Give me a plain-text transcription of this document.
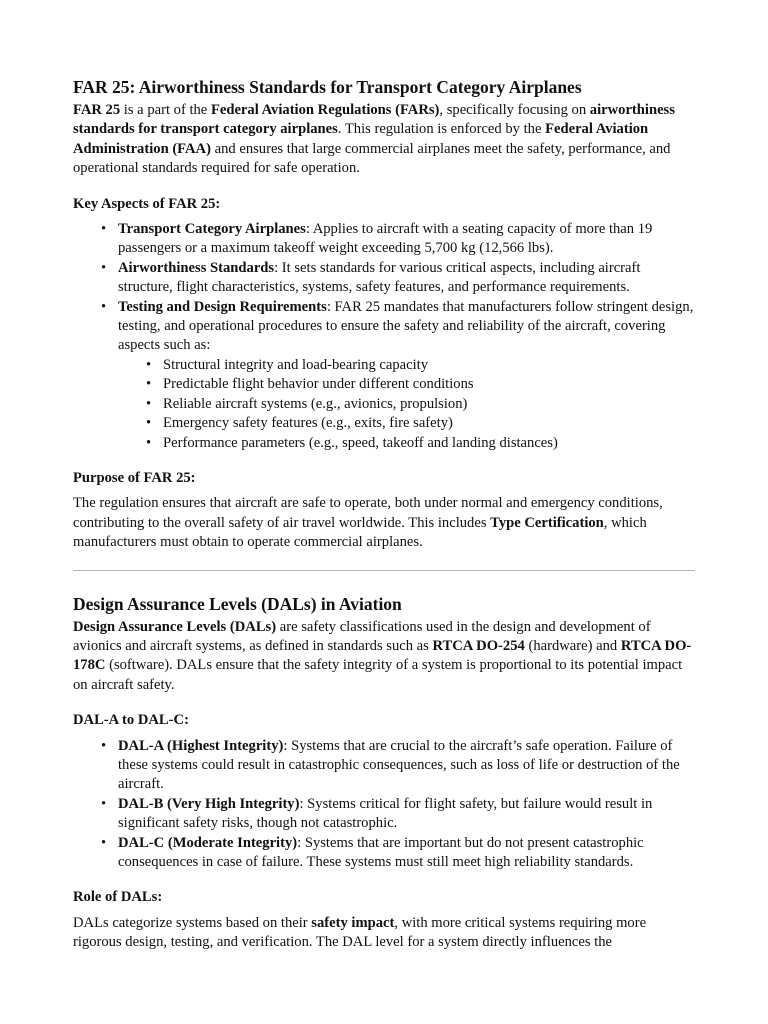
FAR 25: Airworthiness Standards for Transport Category Airplanes

FAR 25 is a part of the Federal Aviation Regulations (FARs), specifically focusing on airworthiness standards for transport category airplanes. This regulation is enforced by the Federal Aviation Administration (FAA) and ensures that large commercial airplanes meet the safety, performance, and operational standards required for safe operation.

Key Aspects of FAR 25:

• Transport Category Airplanes: Applies to aircraft with a seating capacity of more than 19 passengers or a maximum takeoff weight exceeding 5,700 kg (12,566 lbs).
• Airworthiness Standards: It sets standards for various critical aspects, including aircraft structure, flight characteristics, systems, safety features, and performance requirements.
• Testing and Design Requirements: FAR 25 mandates that manufacturers follow stringent design, testing, and operational procedures to ensure the safety and reliability of the aircraft, covering aspects such as:
• Structural integrity and load-bearing capacity
• Predictable flight behavior under different conditions
• Reliable aircraft systems (e.g., avionics, propulsion)
• Emergency safety features (e.g., exits, fire safety)
• Performance parameters (e.g., speed, takeoff and landing distances)

Purpose of FAR 25:

The regulation ensures that aircraft are safe to operate, both under normal and emergency conditions, contributing to the overall safety of air travel worldwide. This includes Type Certification, which manufacturers must obtain to operate commercial airplanes.

Design Assurance Levels (DALs) in Aviation

Design Assurance Levels (DALs) are safety classifications used in the design and development of avionics and aircraft systems, as defined in standards such as RTCA DO-254 (hardware) and RTCA DO-178C (software). DALs ensure that the safety integrity of a system is proportional to its potential impact on aircraft safety.

DAL-A to DAL-C:

• DAL-A (Highest Integrity): Systems that are crucial to the aircraft’s safe operation. Failure of these systems could result in catastrophic consequences, such as loss of life or destruction of the aircraft.
• DAL-B (Very High Integrity): Systems critical for flight safety, but failure would result in significant safety risks, though not catastrophic.
• DAL-C (Moderate Integrity): Systems that are important but do not present catastrophic consequences in case of failure. These systems must still meet high reliability standards.

Role of DALs:

DALs categorize systems based on their safety impact, with more critical systems requiring more rigorous design, testing, and verification. The DAL level for a system directly influences the
